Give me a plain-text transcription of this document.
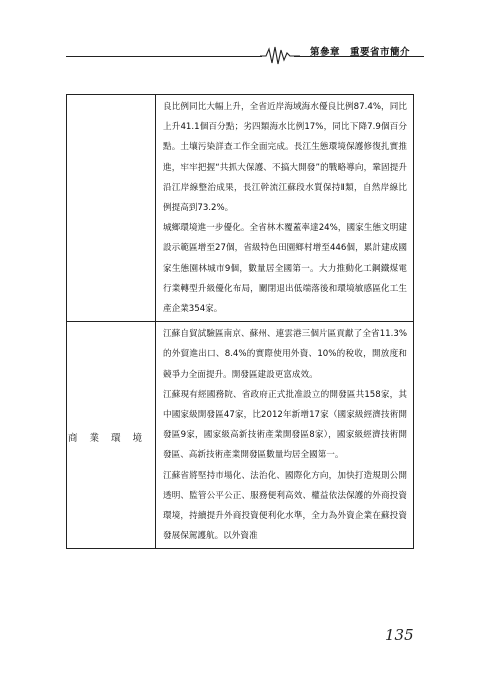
第參章　重要省市簡介

	良比例同比大幅上升，全省近岸海域海水優良比例87.4%，同比上升41.1個百分點；劣四類海水比例17%，同比下降7.9個百分點。土壤污染詳查工作全面完成。長江生態環境保護修復扎實推進，牢牢把握“共抓大保護、不搞大開發”的戰略導向，鞏固提升沿江岸線整治成果，長江幹流江蘇段水質保持Ⅱ類，自然岸線比例提高到73.2%。

城鄉環境進一步優化。全省林木覆蓋率達24%，國家生態文明建設示範區增至27個，省級特色田園鄉村增至446個，累計建成國家生態園林城市9個，數量居全國第一。大力推動化工鋼鐵煤電行業轉型升級優化布局，關閉退出低端落後和環境敏感區化工生產企業354家。

商業環境	江蘇自貿試驗區南京、蘇州、連雲港三個片區貢獻了全省11.3%的外貿進出口、8.4%的實際使用外資、10%的稅收，開放度和競爭力全面提升。開發區建設更富成效。

江蘇現有經國務院、省政府正式批准設立的開發區共158家，其中國家級開發區47家，比2012年新增17家（國家級經濟技術開發區9家，國家級高新技術產業開發區8家），國家級經濟技術開發區、高新技術產業開發區數量均居全國第一。

江蘇省將堅持市場化、法治化、國際化方向，加快打造規則公開透明、監管公平公正、服務便利高效、權益依法保護的外商投資環境，持續提升外商投資便利化水準，全力為外資企業在蘇投資發展保駕護航。以外資准

135
